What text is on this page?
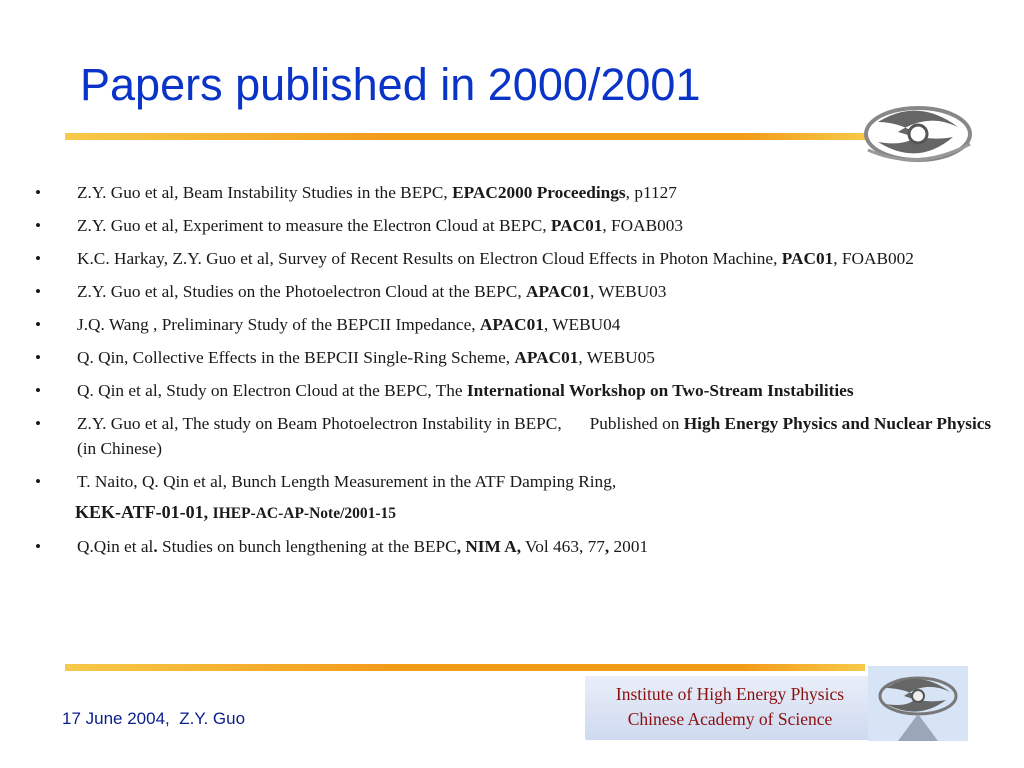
Papers published in 2000/2001
• Z.Y. Guo et al, Beam Instability Studies in the BEPC, EPAC2000 Proceedings, p1127
• Z.Y. Guo et al, Experiment to measure the Electron Cloud at BEPC, PAC01, FOAB003
• K.C. Harkay, Z.Y. Guo et al, Survey of Recent Results on Electron Cloud Effects in Photon Machine, PAC01, FOAB002
• Z.Y. Guo et al, Studies on the Photoelectron Cloud at the BEPC, APAC01, WEBU03
• J.Q. Wang , Preliminary Study of the BEPCII Impedance, APAC01, WEBU04
• Q. Qin, Collective Effects in the BEPCII Single-Ring Scheme, APAC01, WEBU05
• Q. Qin et al, Study on Electron Cloud at the BEPC, The International Workshop on Two-Stream Instabilities
• Z.Y. Guo et al, The study on Beam Photoelectron Instability in BEPC, Published on High Energy Physics and Nuclear Physics (in Chinese)
• T. Naito, Q. Qin et al, Bunch Length Measurement in the ATF Damping Ring,
KEK-ATF-01-01, IHEP-AC-AP-Note/2001-15
• Q.Qin et al. Studies on bunch lengthening at the BEPC, NIM A, Vol 463, 77, 2001
17 June 2004,  Z.Y. Guo
Institute of High Energy Physics
Chinese Academy of Science
